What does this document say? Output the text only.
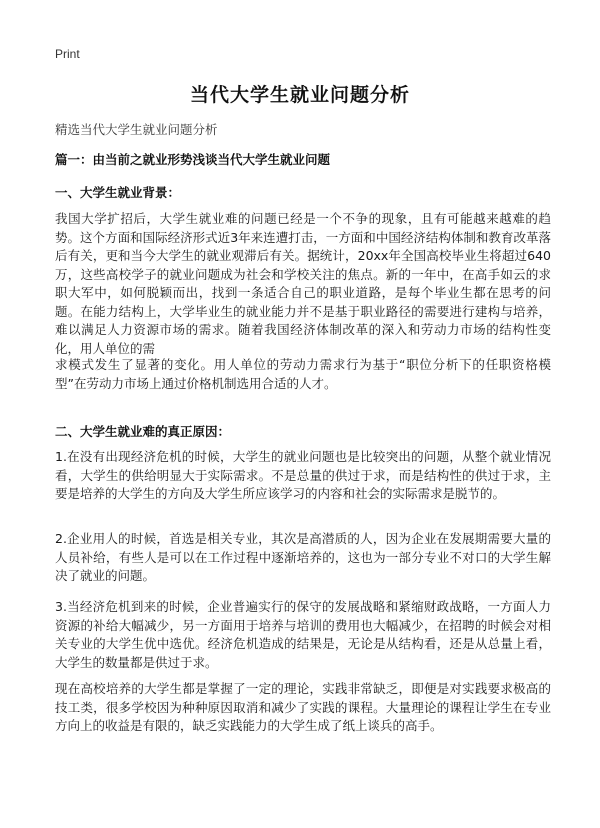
Print
当代大学生就业问题分析
精选当代大学生就业问题分析
篇一：由当前之就业形势浅谈当代大学生就业问题
一、大学生就业背景：
我国大学扩招后，大学生就业难的问题已经是一个不争的现象，且有可能越来越难的趋势。这个方面和国际经济形式近3年来连遭打击，一方面和中国经济结构体制和教育改革落后有关，更和当今大学生的就业观滞后有关。据统计，20xx年全国高校毕业生将超过640万，这些高校学子的就业问题成为社会和学校关注的焦点。新的一年中，在高手如云的求职大军中，如何脱颖而出，找到一条适合自己的职业道路，是每个毕业生都在思考的问题。在能力结构上，大学毕业生的就业能力并不是基于职业路径的需要进行建构与培养，难以满足人力资源市场的需求。随着我国经济体制改革的深入和劳动力市场的结构性变化，用人单位的需
求模式发生了显著的变化。用人单位的劳动力需求行为基于“职位分析下的任职资格模型”在劳动力市场上通过价格机制选用合适的人才。
二、大学生就业难的真正原因：
1.在没有出现经济危机的时候，大学生的就业问题也是比较突出的问题，从整个就业情况看，大学生的供给明显大于实际需求。不是总量的供过于求，而是结构性的供过于求，主要是培养的大学生的方向及大学生所应该学习的内容和社会的实际需求是脱节的。
2.企业用人的时候，首选是相关专业，其次是高潜质的人，因为企业在发展期需要大量的人员补给，有些人是可以在工作过程中逐渐培养的，这也为一部分专业不对口的大学生解决了就业的问题。
3.当经济危机到来的时候，企业普遍实行的保守的发展战略和紧缩财政战略，一方面人力资源的补给大幅减少，另一方面用于培养与培训的费用也大幅减少，在招聘的时候会对相关专业的大学生优中选优。经济危机造成的结果是，无论是从结构看，还是从总量上看，大学生的数量都是供过于求。
现在高校培养的大学生都是掌握了一定的理论，实践非常缺乏，即便是对实践要求极高的技工类，很多学校因为种种原因取消和减少了实践的课程。大量理论的课程让学生在专业方向上的收益是有限的，缺乏实践能力的大学生成了纸上谈兵的高手。
